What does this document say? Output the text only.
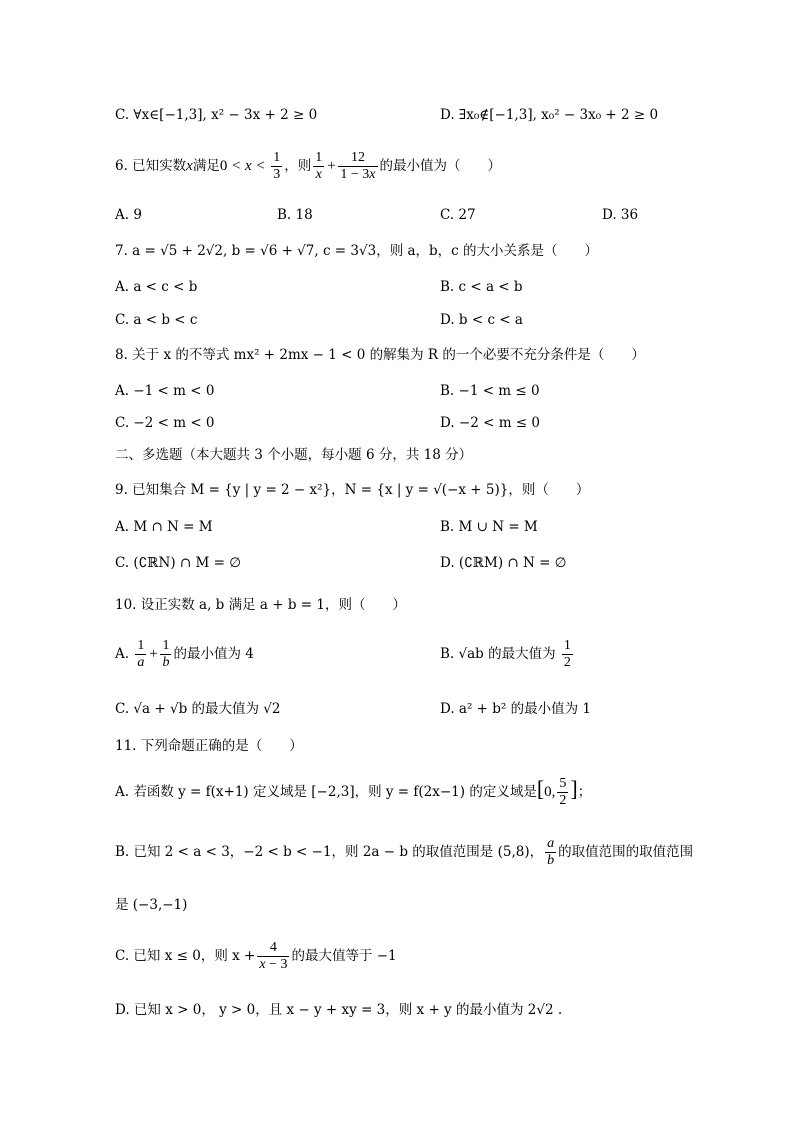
C. ∀x∈[−1,3], x² − 3x + 2 ≥ 0	D. ∃x₀∉[−1,3], x₀² − 3x₀ + 2 ≥ 0
6. 已知实数x满足$0 < x < \frac{1}{3}$ ，则 $\frac{1}{x} + \frac{12}{1 - 3x}$ 的最小值为（　　）
A. 9	B. 18	C. 27	D. 36
7. a = √5 + 2√2, b = √6 + √7, c = 3√3，则 a，b，c 的大小关系是（　　）
A. a < c < b	B. c < a < b
C. a < b < c	D. b < c < a
8. 关于 x 的不等式 mx² + 2mx − 1 < 0 的解集为 R 的一个必要不充分条件是（　　）
A. −1 < m < 0	B. −1 < m ≤ 0
C. −2 < m < 0	D. −2 < m ≤ 0
二、多选题（本大题共 3 个小题，每小题 6 分，共 18 分）
9. 已知集合 M = {y | y = 2 − x²}，N = {x | y = √(−x + 5)}，则（　　）
A. M ∩ N = M	B. M ∪ N = M
C. (∁ℝN) ∩ M = ∅	D. (∁ℝM) ∩ N = ∅
10. 设正实数 a, b 满足 a + b = 1，则（　　）
A. $\frac{1}{a} + \frac{1}{b}$ 的最小值为 4	B. √ab 的最大值为 $\frac{1}{2}$
C. √a + √b 的最大值为 √2	D. a² + b² 的最小值为 1
11. 下列命题正确的是（　　）
A. 若函数 y = f(x+1) 定义域是 [−2,3]，则 y = f(2x−1) 的定义域是[0, $\frac{5}{2}$ ]；
B. 已知 2 < a < 3，−2 < b < −1，则 2a − b 的取值范围是 (5,8)， $\frac{a}{b}$ 的取值范围的取值范围
是 (−3,−1)
C. 已知 x ≤ 0，则 $x + \frac{4}{x - 3}$ 的最大值等于 −1
D. 已知 x > 0， y > 0，且 x − y + xy = 3，则 x + y 的最小值为 2√2 .
